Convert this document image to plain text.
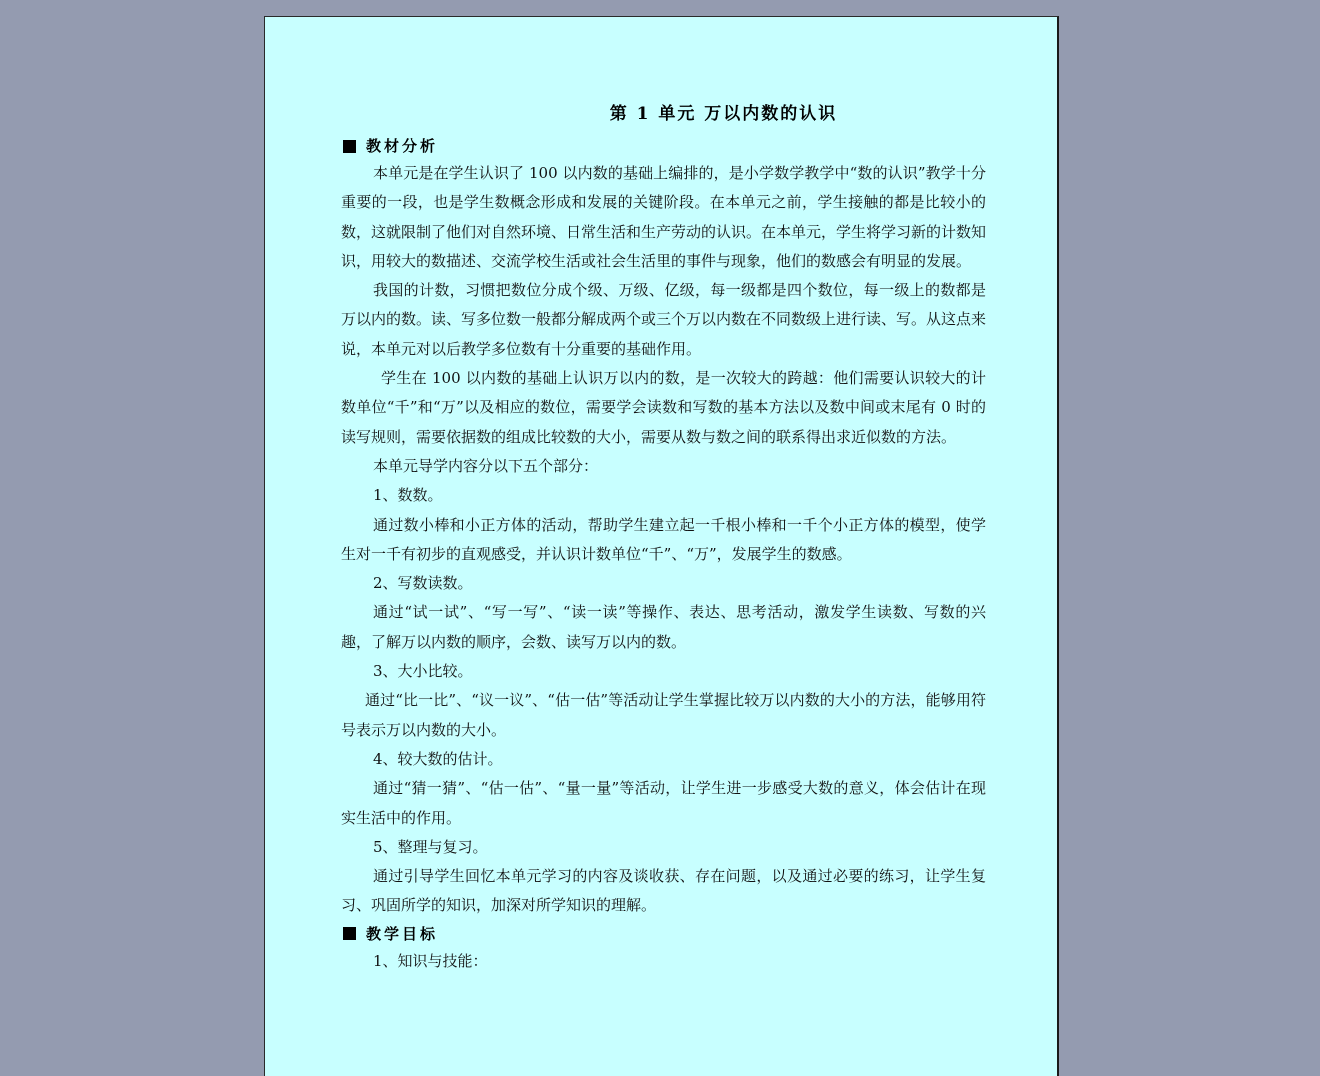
第 1 单元 万以内数的认识
教材分析

本单元是在学生认识了 100 以内数的基础上编排的，是小学数学教学中“数的认识”教学十分重要的一段，也是学生数概念形成和发展的关键阶段。在本单元之前，学生接触的都是比较小的数，这就限制了他们对自然环境、日常生活和生产劳动的认识。在本单元，学生将学习新的计数知识，用较大的数描述、交流学校生活或社会生活里的事件与现象，他们的数感会有明显的发展。

我国的计数，习惯把数位分成个级、万级、亿级，每一级都是四个数位，每一级上的数都是万以内的数。读、写多位数一般都分解成两个或三个万以内数在不同数级上进行读、写。从这点来说，本单元对以后教学多位数有十分重要的基础作用。

学生在 100 以内数的基础上认识万以内的数，是一次较大的跨越：他们需要认识较大的计数单位“千”和“万”以及相应的数位，需要学会读数和写数的基本方法以及数中间或末尾有 0 时的读写规则，需要依据数的组成比较数的大小，需要从数与数之间的联系得出求近似数的方法。

本单元导学内容分以下五个部分：

1、数数。

通过数小棒和小正方体的活动，帮助学生建立起一千根小棒和一千个小正方体的模型，使学生对一千有初步的直观感受，并认识计数单位“千”、“万”，发展学生的数感。

2、写数读数。

通过“试一试”、“写一写”、“读一读”等操作、表达、思考活动，激发学生读数、写数的兴趣，了解万以内数的顺序，会数、读写万以内的数。

3、大小比较。

通过“比一比”、“议一议”、“估一估”等活动让学生掌握比较万以内数的大小的方法，能够用符号表示万以内数的大小。

4、较大数的估计。

通过“猜一猜”、“估一估”、“量一量”等活动，让学生进一步感受大数的意义，体会估计在现实生活中的作用。

5、整理与复习。

通过引导学生回忆本单元学习的内容及谈收获、存在问题，以及通过必要的练习，让学生复习、巩固所学的知识，加深对所学知识的理解。

教学目标

1、知识与技能：
